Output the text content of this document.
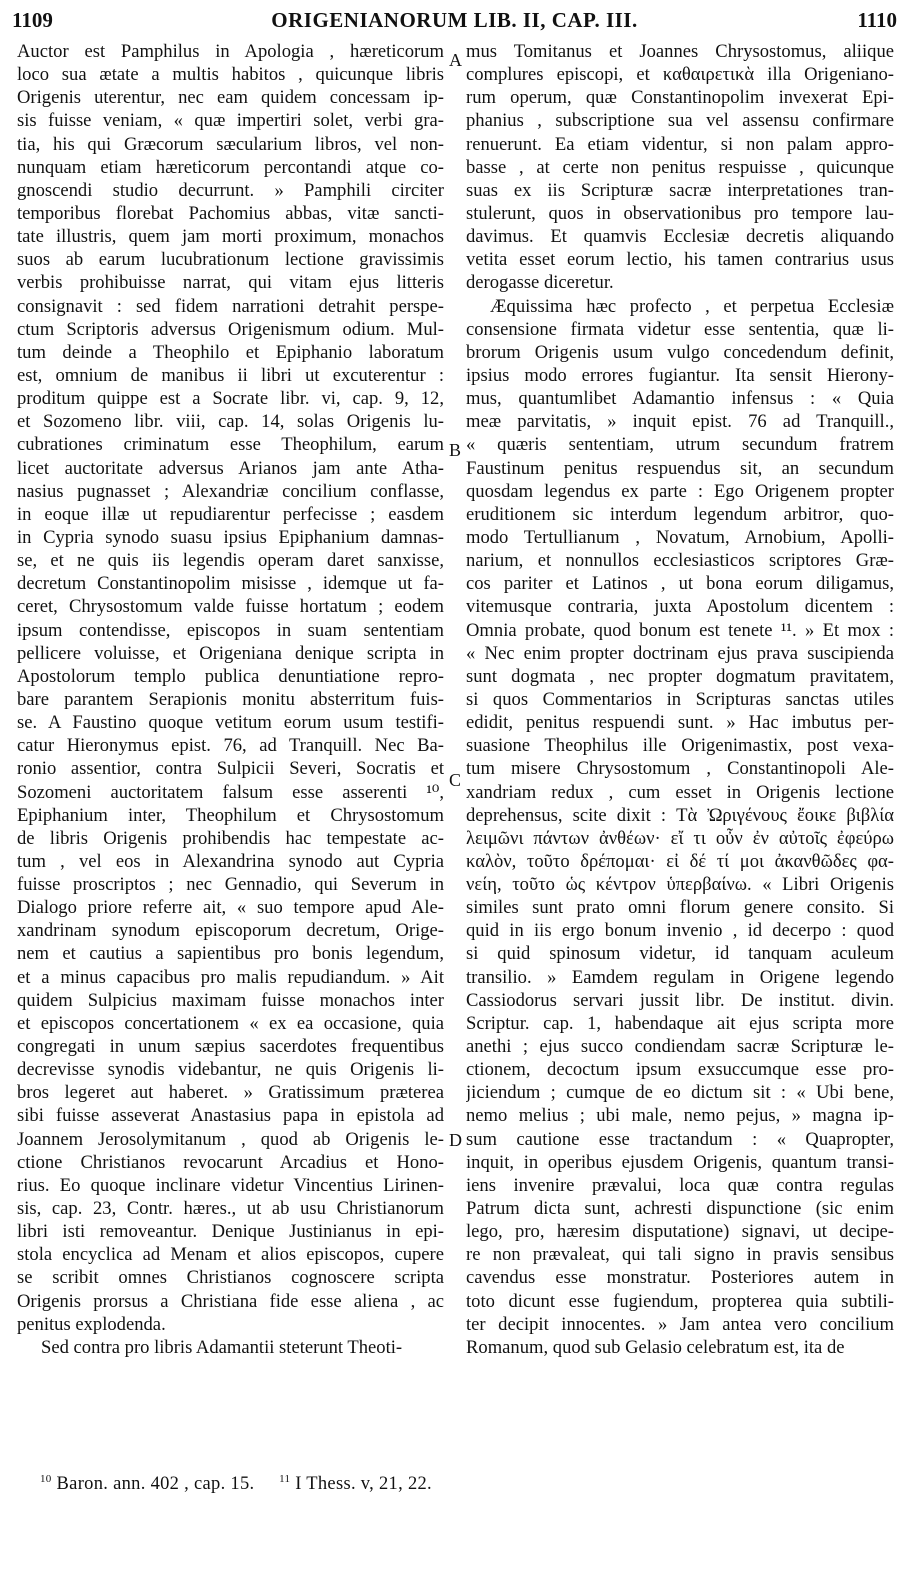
1109	ORIGENIANORUM LIB. II, CAP. III.	1110
A
B
C
D
Auctor est Pamphilus in Apologia , hæreticorum
loco sua ætate a multis habitos , quicunque libris
Origenis uterentur, nec eam quidem concessam ip-
sis fuisse veniam, « quæ impertiri solet, verbi gra-
tia, his qui Græcorum sæcularium libros, vel non-
nunquam etiam hæreticorum percontandi atque co-
gnoscendi studio decurrunt. » Pamphili circiter
temporibus florebat Pachomius abbas, vitæ sancti-
tate illustris, quem jam morti proximum, monachos
suos ab earum lucubrationum lectione gravissimis
verbis prohibuisse narrat, qui vitam ejus litteris
consignavit : sed fidem narrationi detrahit perspe-
ctum Scriptoris adversus Origenismum odium. Mul-
tum deinde a Theophilo et Epiphanio laboratum
est, omnium de manibus ii libri ut excuterentur :
proditum quippe est a Socrate libr. vi, cap. 9, 12,
et Sozomeno libr. viii, cap. 14, solas Origenis lu-
cubrationes criminatum esse Theophilum, earum
licet auctoritate adversus Arianos jam ante Atha-
nasius pugnasset ; Alexandriæ concilium conflasse,
in eoque illæ ut repudiarentur perfecisse ; easdem
in Cypria synodo suasu ipsius Epiphanium damnas-
se, et ne quis iis legendis operam daret sanxisse,
decretum Constantinopolim misisse , idemque ut fa-
ceret, Chrysostomum valde fuisse hortatum ; eodem
ipsum contendisse, episcopos in suam sententiam
pellicere voluisse, et Origeniana denique scripta in
Apostolorum templo publica denuntiatione repro-
bare parantem Serapionis monitu absterritum fuis-
se. A Faustino quoque vetitum eorum usum testifi-
catur Hieronymus epist. 76, ad Tranquill. Nec Ba-
ronio assentior, contra Sulpicii Severi, Socratis et
Sozomeni auctoritatem falsum esse asserenti ¹⁰,
Epiphanium inter, Theophilum et Chrysostomum
de libris Origenis prohibendis hac tempestate ac-
tum , vel eos in Alexandrina synodo aut Cypria
fuisse proscriptos ; nec Gennadio, qui Severum in
Dialogo priore referre ait, « suo tempore apud Ale-
xandrinam synodum episcoporum decretum, Orige-
nem et cautius a sapientibus pro bonis legendum,
et a minus capacibus pro malis repudiandum. » Ait
quidem Sulpicius maximam fuisse monachos inter
et episcopos concertationem « ex ea occasione, quia
congregati in unum sæpius sacerdotes frequentibus
decrevisse synodis videbantur, ne quis Origenis li-
bros legeret aut haberet. » Gratissimum præterea
sibi fuisse asseverat Anastasius papa in epistola ad
Joannem Jerosolymitanum , quod ab Origenis le-
ctione Christianos revocarunt Arcadius et Hono-
rius. Eo quoque inclinare videtur Vincentius Lirinen-
sis, cap. 23, Contr. hæres., ut ab usu Christianorum
libri isti removeantur. Denique Justinianus in epi-
stola encyclica ad Menam et alios episcopos, cupere
se scribit omnes Christianos cognoscere scripta
Origenis prorsus a Christiana fide esse aliena , ac
penitus explodenda.
Sed contra pro libris Adamantii steterunt Theoti-
mus Tomitanus et Joannes Chrysostomus, aliique
complures episcopi, et καθαιρετικὰ illa Origeniano-
rum operum, quæ Constantinopolim invexerat Epi-
phanius , subscriptione sua vel assensu confirmare
renuerunt. Ea etiam videntur, si non palam appro-
basse , at certe non penitus respuisse , quicunque
suas ex iis Scripturæ sacræ interpretationes tran-
stulerunt, quos in observationibus pro tempore lau-
davimus. Et quamvis Ecclesiæ decretis aliquando
vetita esset eorum lectio, his tamen contrarius usus
derogasse diceretur.
Æquissima hæc profecto , et perpetua Ecclesiæ
consensione firmata videtur esse sententia, quæ li-
brorum Origenis usum vulgo concedendum definit,
ipsius modo errores fugiantur. Ita sensit Hierony-
mus, quantumlibet Adamantio infensus : « Quia
meæ parvitatis, » inquit epist. 76 ad Tranquill.,
« quæris sententiam, utrum secundum fratrem
Faustinum penitus respuendus sit, an secundum
quosdam legendus ex parte : Ego Origenem propter
eruditionem sic interdum legendum arbitror, quo-
modo Tertullianum , Novatum, Arnobium, Apolli-
narium, et nonnullos ecclesiasticos scriptores Græ-
cos pariter et Latinos , ut bona eorum diligamus,
vitemusque contraria, juxta Apostolum dicentem :
Omnia probate, quod bonum est tenete ¹¹. » Et mox :
« Nec enim propter doctrinam ejus prava suscipienda
sunt dogmata , nec propter dogmatum pravitatem,
si quos Commentarios in Scripturas sanctas utiles
edidit, penitus respuendi sunt. » Hac imbutus per-
suasione Theophilus ille Origenimastix, post vexa-
tum misere Chrysostomum , Constantinopoli Ale-
xandriam redux , cum esset in Origenis lectione
deprehensus, scite dixit : Τὰ Ὠριγένους ἔοικε βιβλία
λειμῶνι πάντων ἀνθέων· εἴ τι οὖν ἐν αὐτοῖς ἐφεύρω
καλὸν, τοῦτο δρέπομαι· εἰ δέ τί μοι ἀκανθῶδες φα-
νείη, τοῦτο ὡς κέντρον ὑπερβαίνω. « Libri Origenis
similes sunt prato omni florum genere consito. Si
quid in iis ergo bonum invenio , id decerpo : quod
si quid spinosum videtur, id tanquam aculeum
transilio. » Eamdem regulam in Origene legendo
Cassiodorus servari jussit libr. De institut. divin.
Scriptur. cap. 1, habendaque ait ejus scripta more
anethi ; ejus succo condiendam sacræ Scripturæ le-
ctionem, decoctum ipsum exsuccumque esse pro-
jiciendum ; cumque de eo dictum sit : « Ubi bene,
nemo melius ; ubi male, nemo pejus, » magna ip-
sum cautione esse tractandum : « Quapropter,
inquit, in operibus ejusdem Origenis, quantum transi-
iens invenire prævalui, loca quæ contra regulas
Patrum dicta sunt, achresti dispunctione (sic enim
lego, pro, hæresim disputatione) signavi, ut decipe-
re non prævaleat, qui tali signo in pravis sensibus
cavendus esse monstratur. Posteriores autem in
toto dicunt esse fugiendum, propterea quia subtili-
ter decipit innocentes. » Jam antea vero concilium
Romanum, quod sub Gelasio celebratum est, ita de
$^{10}$ Baron. ann. 402 , cap. 15. $^{11}$ I Thess. v, 21, 22.
